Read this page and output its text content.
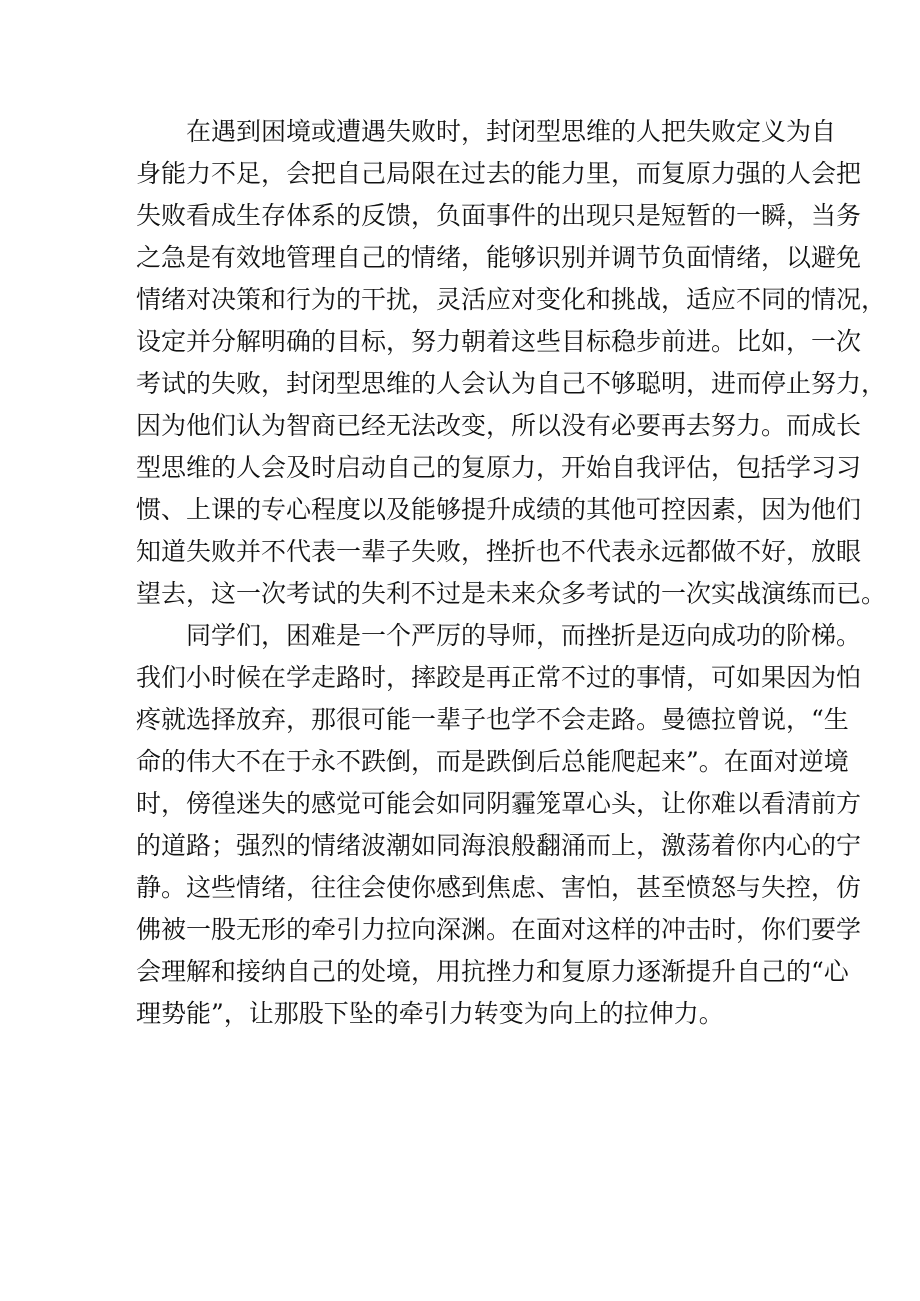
在遇到困境或遭遇失败时，封闭型思维的人把失败定义为自
身能力不足，会把自己局限在过去的能力里，而复原力强的人会把
失败看成生存体系的反馈，负面事件的出现只是短暂的一瞬，当务
之急是有效地管理自己的情绪，能够识别并调节负面情绪，以避免
情绪对决策和行为的干扰，灵活应对变化和挑战，适应不同的情况，
设定并分解明确的目标，努力朝着这些目标稳步前进。比如，一次
考试的失败，封闭型思维的人会认为自己不够聪明，进而停止努力，
因为他们认为智商已经无法改变，所以没有必要再去努力。而成长
型思维的人会及时启动自己的复原力，开始自我评估，包括学习习
惯、上课的专心程度以及能够提升成绩的其他可控因素，因为他们
知道失败并不代表一辈子失败，挫折也不代表永远都做不好，放眼
望去，这一次考试的失利不过是未来众多考试的一次实战演练而已。
同学们，困难是一个严厉的导师，而挫折是迈向成功的阶梯。
我们小时候在学走路时，摔跤是再正常不过的事情，可如果因为怕
疼就选择放弃，那很可能一辈子也学不会走路。曼德拉曾说，“生
命的伟大不在于永不跌倒，而是跌倒后总能爬起来”。在面对逆境
时，傍徨迷失的感觉可能会如同阴霾笼罩心头，让你难以看清前方
的道路；强烈的情绪波潮如同海浪般翻涌而上，激荡着你内心的宁
静。这些情绪，往往会使你感到焦虑、害怕，甚至愤怒与失控，仿
佛被一股无形的牵引力拉向深渊。在面对这样的冲击时，你们要学
会理解和接纳自己的处境，用抗挫力和复原力逐渐提升自己的“心
理势能”，让那股下坠的牵引力转变为向上的拉伸力。
